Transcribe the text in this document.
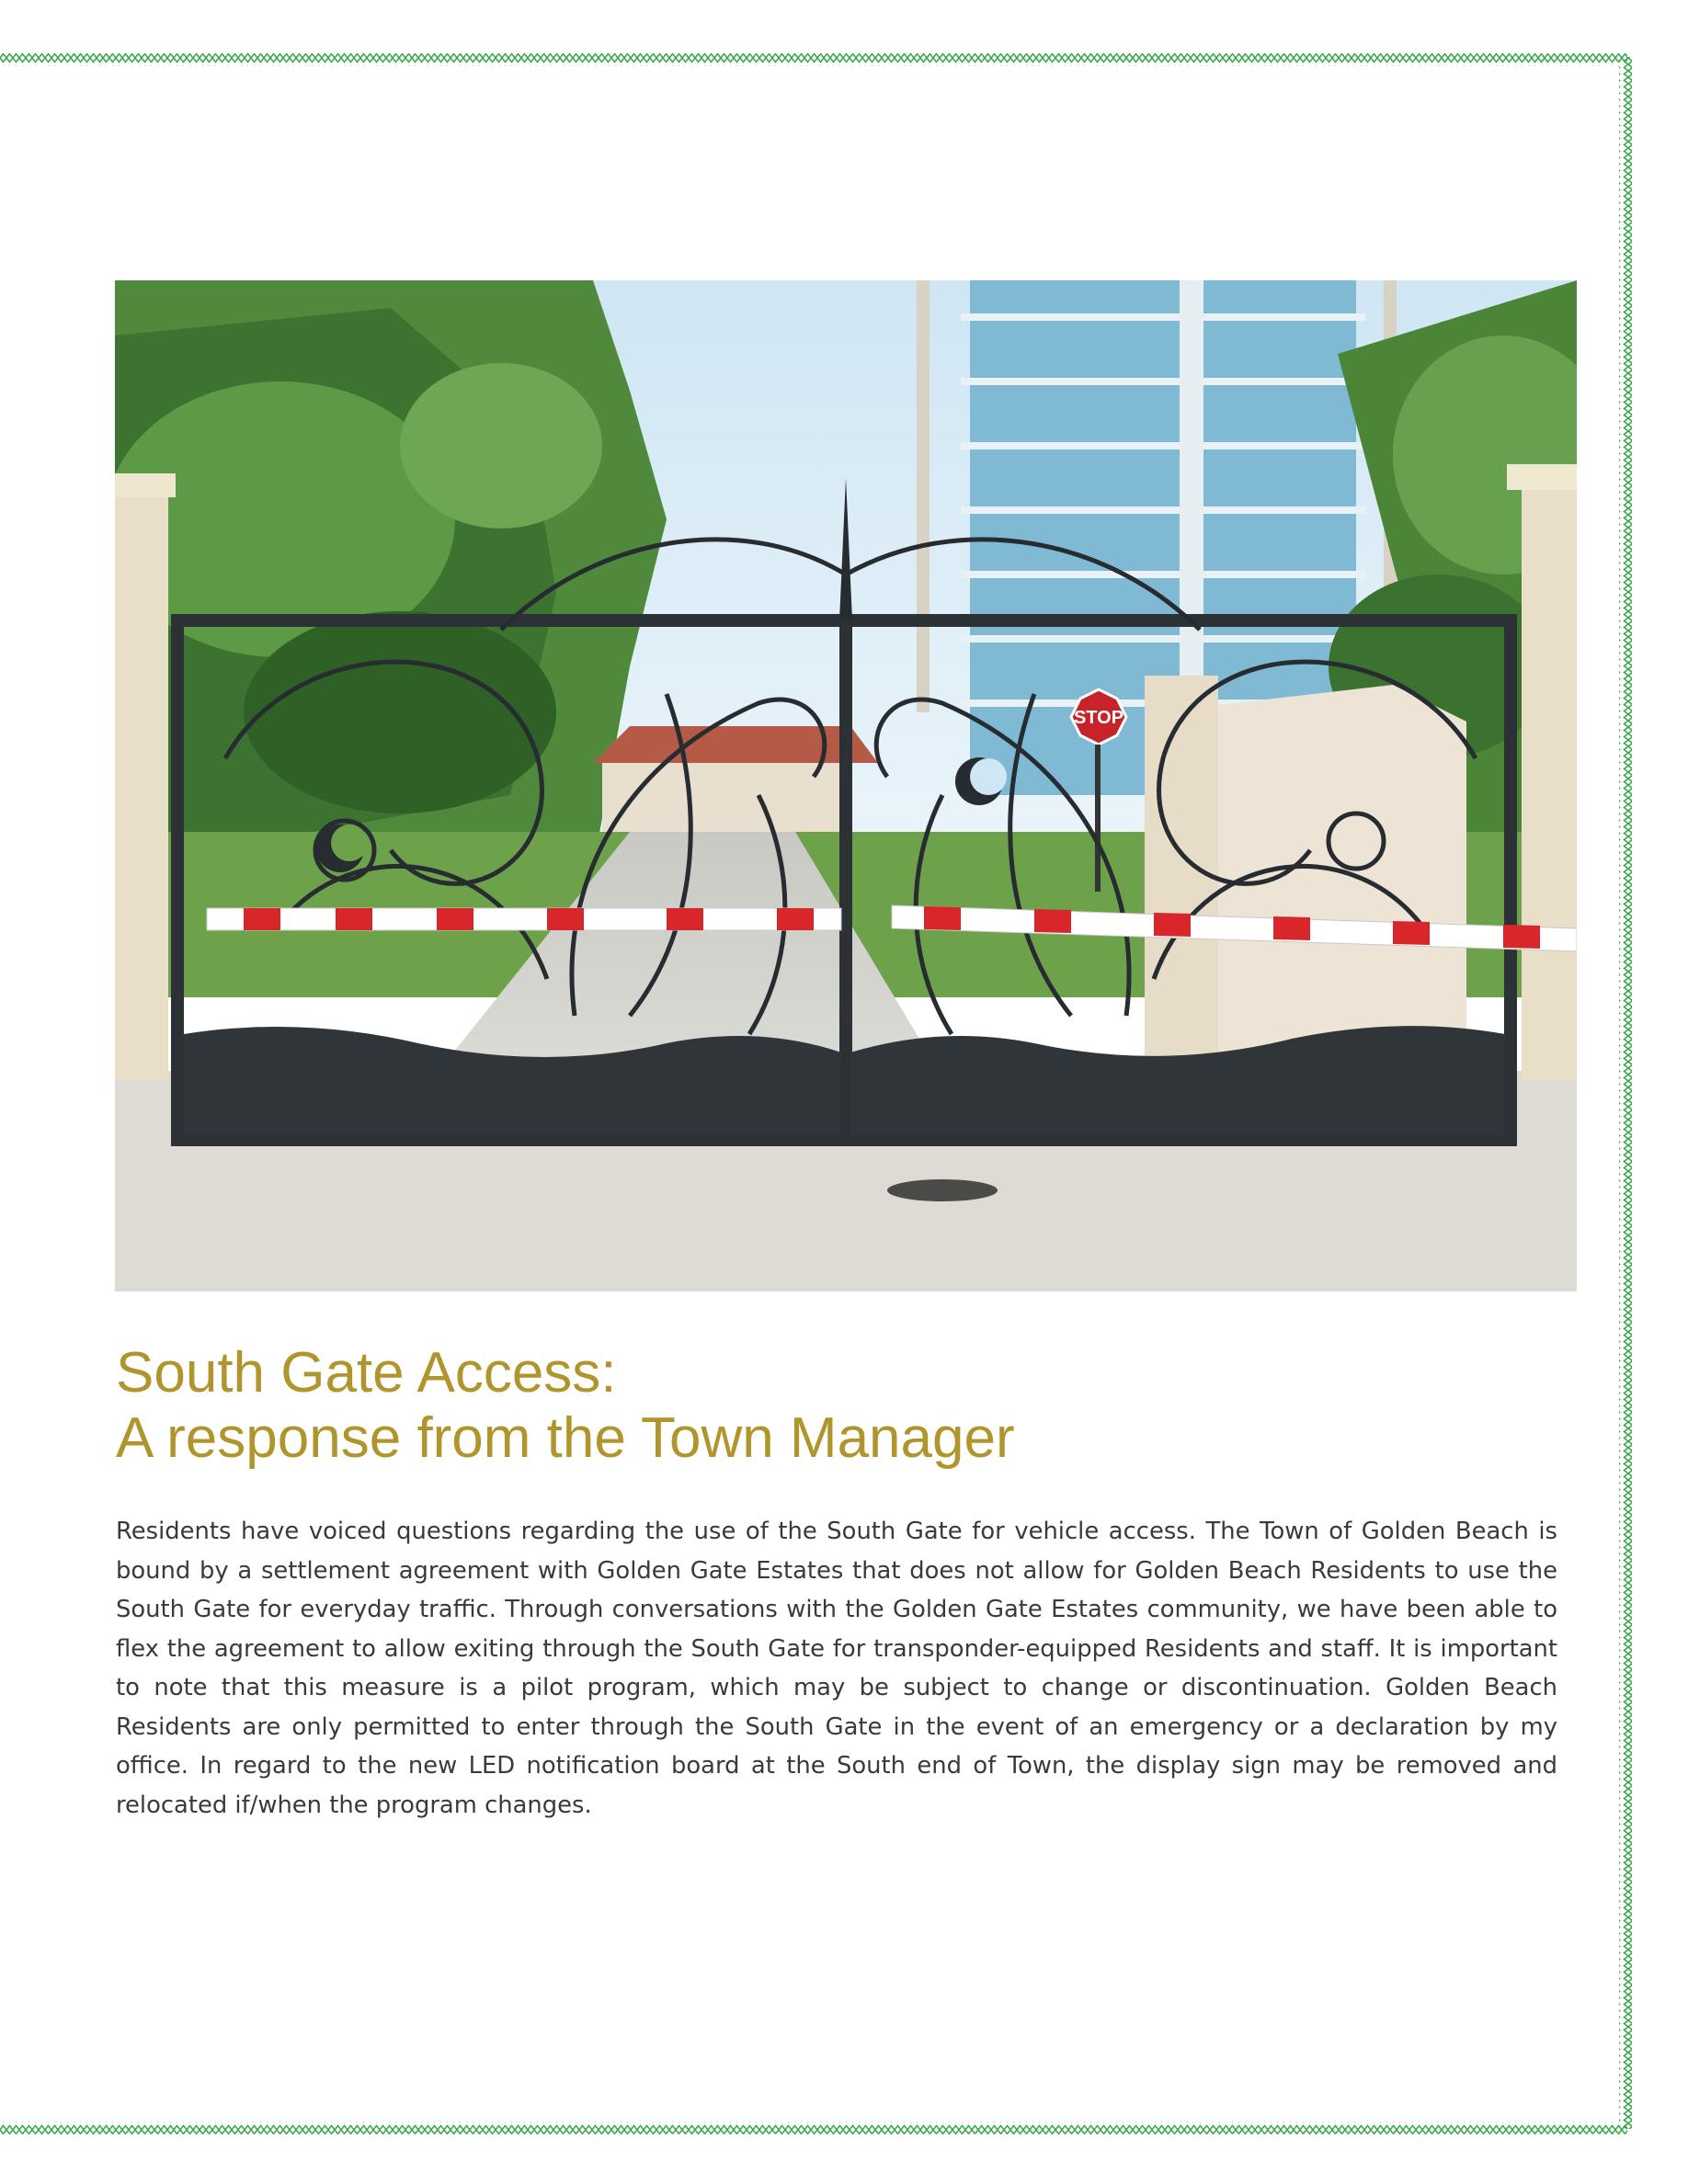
STOP
South Gate Access:
A response from the Town Manager

Residents have voiced questions regarding the use of the South Gate for vehicle access. The Town of Golden Beach is bound by a settlement agreement with Golden Gate Estates that does not allow for Golden Beach Residents to use the South Gate for everyday traffic. Through conversations with the Golden Gate Estates community, we have been able to flex the agreement to allow exiting through the South Gate for transponder-equipped Residents and staff. It is important to note that this measure is a pilot program, which may be subject to change or discontinuation. Golden Beach Residents are only permitted to enter through the South Gate in the event of an emergency or a declaration by my office. In regard to the new LED notification board at the South end of Town, the display sign may be removed and relocated if/when the program changes.
